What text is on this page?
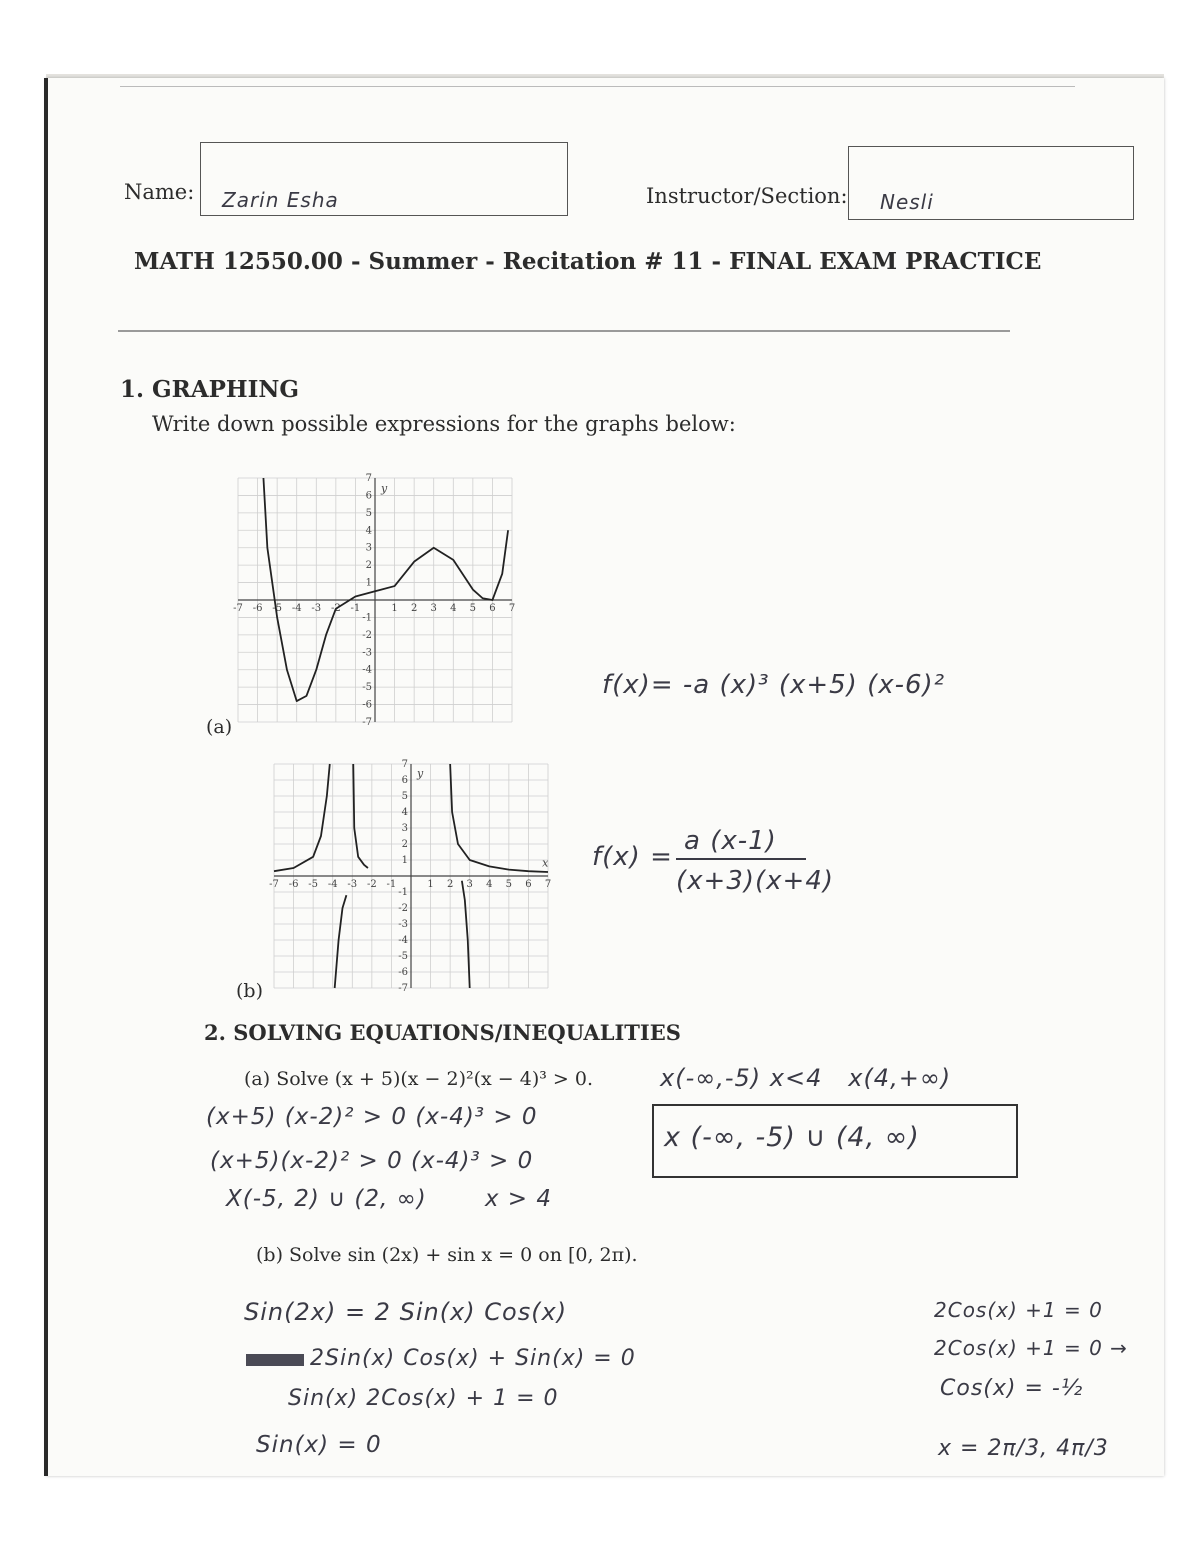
Name: Zarin Esha	Instructor/Section: Nesli
MATH 12550.00 - Summer - Recitation # 11 - FINAL EXAM PRACTICE
1. GRAPHING
Write down possible expressions for the graphs below:
-7 -6 -5 -4 -3 -2 -1	1 2 3 4 5 6 7
7
6
5
4
3
2
1
-1
-2
-3
-4
-5
-6
-7
y
(a)
f(x)= -a (x)³ (x+5) (x-6)²
-7 -6 -5 -4 -3 -2 -1	1 2 3 4 5 6 7
7
6
5
4
3
2
1
-1
-2
-3
-4
-5
-6
-7
y
x
(b)
f(x) =
a (x-1)
(x+3)(x+4)
2. SOLVING EQUATIONS/INEQUALITIES
(a) Solve (x + 5)(x − 2)²(x − 4)³ > 0.
(x+5) (x-2)² > 0 (x-4)³ > 0
(x+5)(x-2)² > 0 (x-4)³ > 0
X(-5, 2) ∪ (2, ∞)       x > 4
x(-∞,-5) x<4   x(4,+∞)
x (-∞, -5) ∪ (4, ∞)
(b) Solve sin (2x) + sin x = 0 on [0, 2π).
Sin(2x) = 2 Sin(x) Cos(x)
2Sin(x) Cos(x) + Sin(x) = 0
Sin(x) 2Cos(x) + 1 = 0
Sin(x) = 0
2Cos(x) +1 = 0
2Cos(x) +1 = 0 →
Cos(x) = -½
x = 2π/3, 4π/3
